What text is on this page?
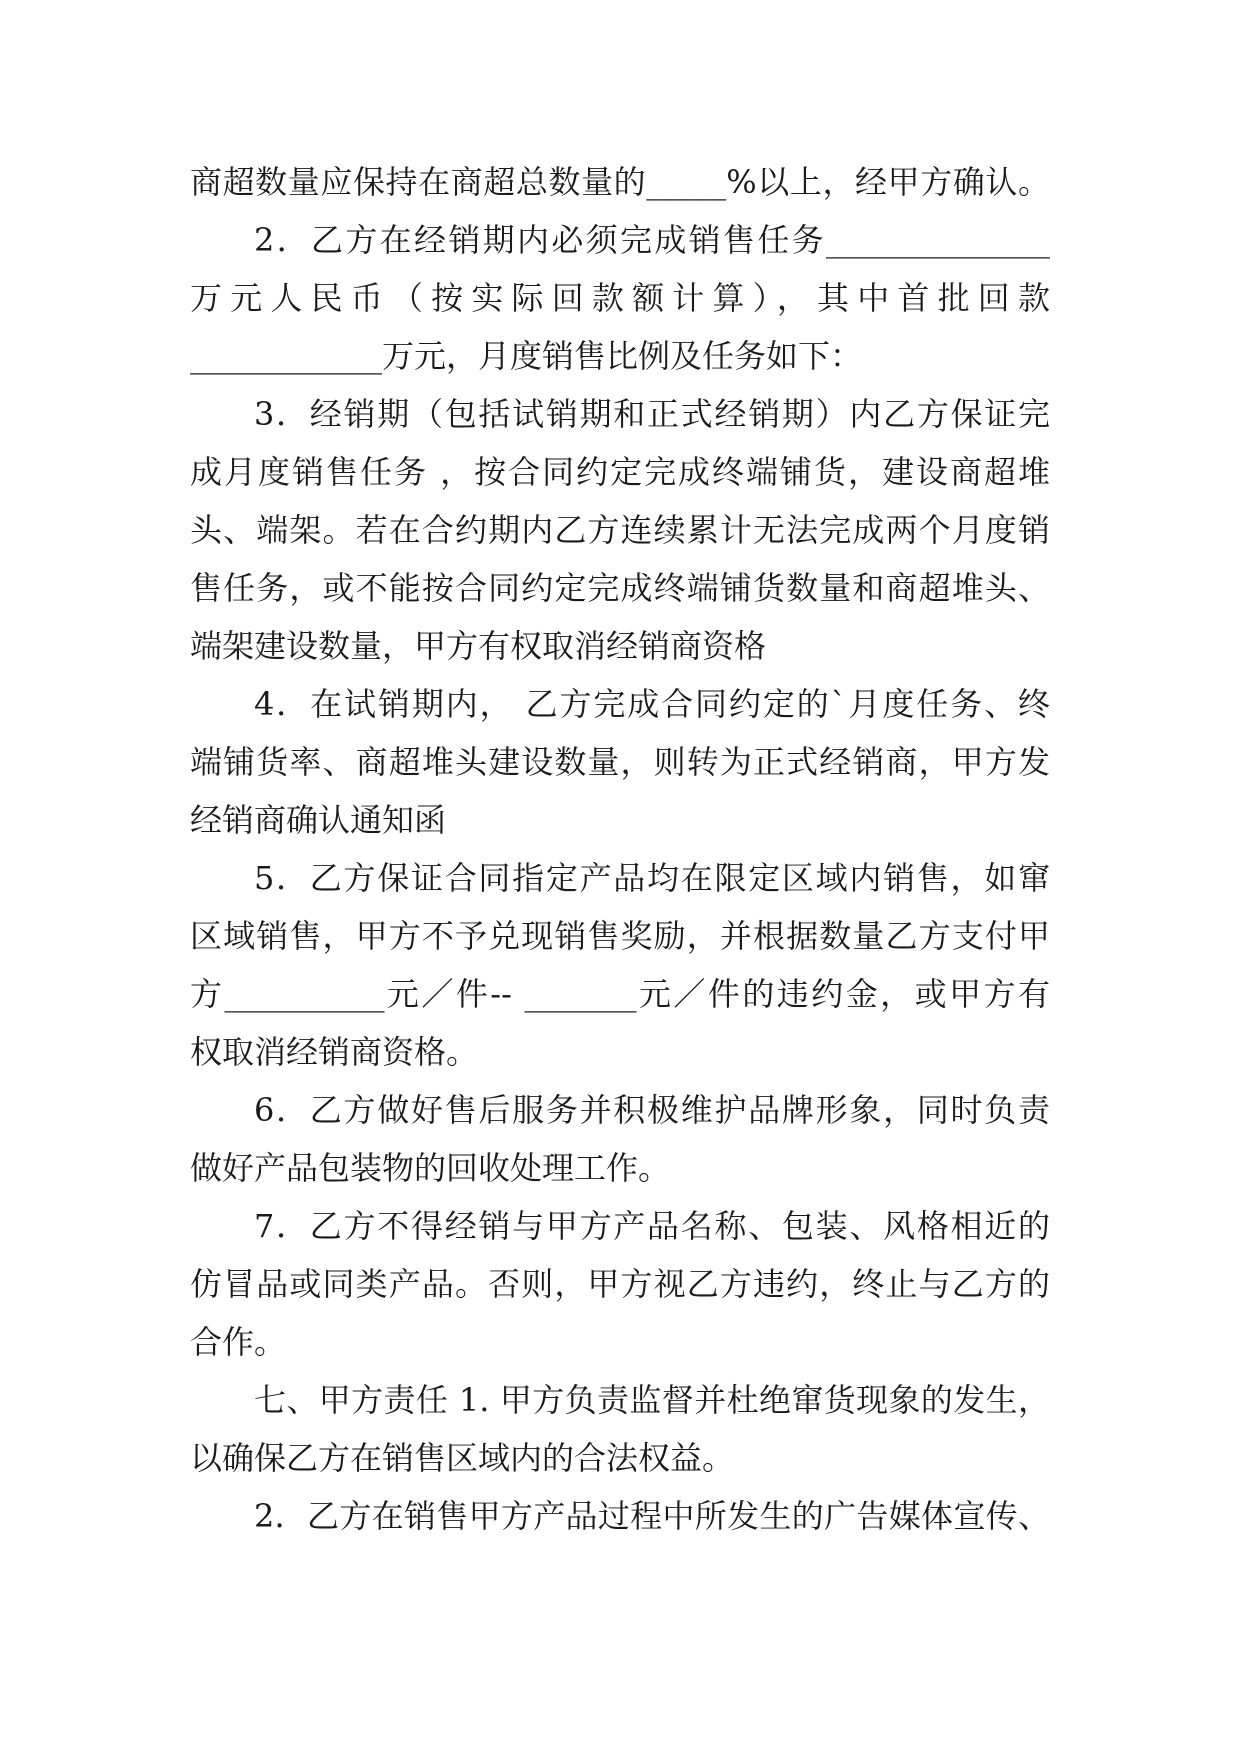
商超数量应保持在商超总数量的_____%以上，经甲方确认。
2．乙方在经销期内必须完成销售任务______________
万元人民币（按实际回款额计算），其中首批回款
____________万元，月度销售比例及任务如下：
3．经销期（包括试销期和正式经销期）内乙方保证完
成月度销售任务 ，按合同约定完成终端铺货，建设商超堆
头、端架。若在合约期内乙方连续累计无法完成两个月度销
售任务，或不能按合同约定完成终端铺货数量和商超堆头、
端架建设数量，甲方有权取消经销商资格
4．在试销期内， 乙方完成合同约定的`月度任务、终
端铺货率、商超堆头建设数量，则转为正式经销商，甲方发
经销商确认通知函
5．乙方保证合同指定产品均在限定区域内销售，如窜
区域销售，甲方不予兑现销售奖励，并根据数量乙方支付甲
方__________元／件-- _______元／件的违约金，或甲方有
权取消经销商资格。
6．乙方做好售后服务并积极维护品牌形象，同时负责
做好产品包装物的回收处理工作。
7．乙方不得经销与甲方产品名称、包装、风格相近的
仿冒品或同类产品。否则，甲方视乙方违约，终止与乙方的
合作。
七、甲方责任 1. 甲方负责监督并杜绝窜货现象的发生，
以确保乙方在销售区域内的合法权益。
2．乙方在销售甲方产品过程中所发生的广告媒体宣传、
